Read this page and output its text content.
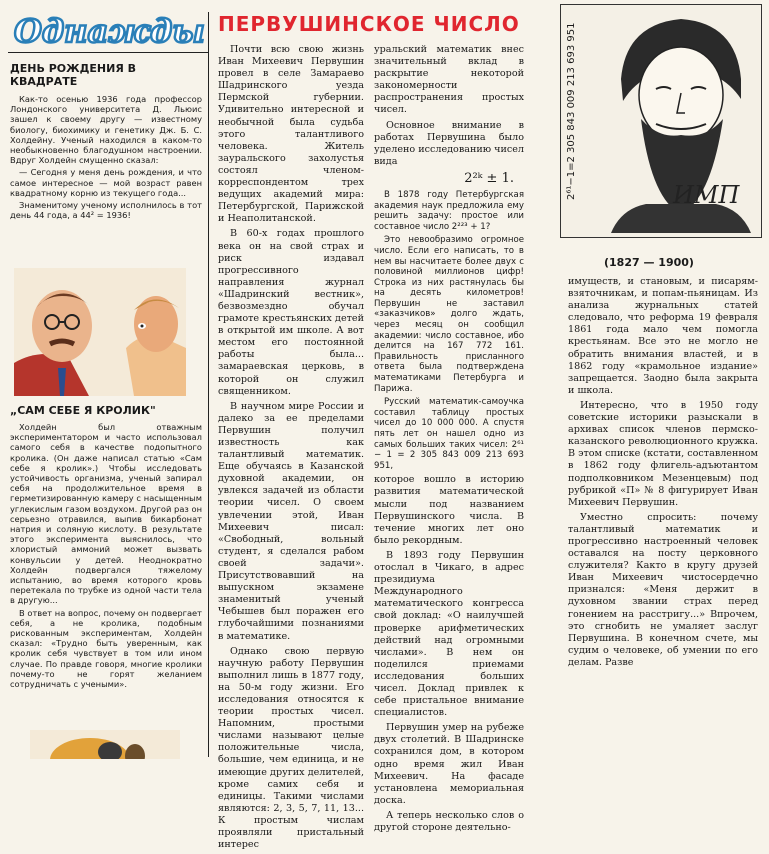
Однажды ПЕРВУШИНСКОЕ ЧИСЛО
ДЕНЬ РОЖДЕНИЯ В КВАДРАТЕ

Как-то осенью 1936 года профессор Лондонского университета Д. Льюис зашел к своему другу — известному биологу, биохимику и генетику Дж. Б. С. Холдейну. Ученый находился в каком-то необыкновенно благодушном настроении. Вдруг Холдейн смущенно сказал:

— Сегодня у меня день рождения, и что самое интересное — мой возраст равен квадратному корню из текущего года...

Знаменитому ученому исполнилось в тот день 44 года, а 44² = 1936!

„САМ СЕБЕ Я КРОЛИК"

Холдейн был отважным экспериментатором и часто использовал самого себя в качестве подопытного кролика. (Он даже написал статью «Сам себе я кролик».) Чтобы исследовать устойчивость организма, ученый запирал себя на продолжительное время в герметизированную камеру с насыщенным углекислым газом воздухом. Другой раз он серьезно отравился, выпив бикарбонат натрия и соляную кислоту. В результате этого эксперимента выяснилось, что хлористый аммоний может вызвать конвульсии у детей. Неоднократно Холдейн подвергался тяжелому испытанию, во время которого кровь перетекала по трубке из одной части тела в другую...

В ответ на вопрос, почему он подвергает себя, а не кролика, подобным рискованным экспериментам, Холдейн сказал: «Трудно быть уверенным, как кролик себя чувствует в том или ином случае. По правде говоря, многие кролики почему-то не горят желанием сотрудничать с учеными».

Почти всю свою жизнь Иван Михеевич Первушин провел в селе Замараево Шадринского уезда Пермской губернии. Удивительно интересной и необычной была судьба этого талантливого человека. Житель зауральского захолустья состоял членом-корреспондентом трех ведущих академий мира: Петербургской, Парижской и Неаполитанской.

В 60-х годах прошлого века он на свой страх и риск издавал прогрессивного направления журнал «Шадринский вестник», безвозмездно обучал грамоте крестьянских детей в открытой им школе. А вот местом его постоянной работы была... замараевская церковь, в которой он служил священником.

В научном мире России и далеко за ее пределами Первушин получил известность как талантливый математик. Еще обучаясь в Казанской духовной академии, он увлекся задачей из области теории чисел. О своем увлечении этой, Иван Михеевич писал: «Свободный, вольный студент, я сделался рабом своей задачи». Присутствовавший на выпускном экзамене знаменитый ученый Чебышев был поражен его глубочайшими познаниями в математике.

Однако свою первую научную работу Первушин выполнил лишь в 1877 году, на 50-м году жизни. Его исследования относятся к теории простых чисел. Напомним, простыми числами называют целые положительные числа, большие, чем единица, и не имеющие других делителей, кроме самих себя и единицы. Такими числами являются: 2, 3, 5, 7, 11, 13... К простым числам проявляли пристальный интерес

уральский математик внес значительный вклад в раскрытие некоторой закономерности распространения простых чисел.

Основное внимание в работах Первушина было уделено исследованию чисел вида

2²ᵏ ± 1.

В 1878 году Петербургская академия наук предложила ему решить задачу: простое или составное число 2²²³ + 1?

Это невообразимо огромное число. Если его написать, то в нем вы насчитаете более двух с половиной миллионов цифр! Строка из них растянулась бы на десять километров! Первушин не заставил «заказчиков» долго ждать, через месяц он сообщил академии: число составное, ибо делится на 167 772 161. Правильность присланного ответа была подтверждена математиками Петербурга и Парижа.

Русский математик-самоучка составил таблицу простых чисел до 10 000 000. А спустя пять лет он нашел одно из самых больших таких чисел: 2⁶¹ − 1 = 2 305 843 009 213 693 951,

которое вошло в историю развития математической мысли под названием Первушинского числа. В течение многих лет оно было рекордным.

В 1893 году Первушин отослал в Чикаго, в адрес президиума Международного математического конгресса свой доклад: «О наилучшей проверке арифметических действий над огромными числами». В нем он поделился приемами исследования больших чисел. Доклад привлек к себе пристальное внимание специалистов.

Первушин умер на рубеже двух столетий. В Шадринске сохранился дом, в котором одно время жил Иван Михеевич. На фасаде установлена мемориальная доска.

А теперь несколько слов о другой стороне деятельно-

2⁶¹−1=2 305 843 009 213 693 951	ИМП
(1827 — 1900)

имуществ, и становым, и писарям-взяточникам, и попам-пьяницам. Из анализа журнальных статей следовало, что реформа 19 февраля 1861 года мало чем помогла крестьянам. Все это не могло не обратить внимания властей, и в 1862 году «крамольное издание» запрещается. Заодно была закрыта и школа.

Интересно, что в 1950 году советские историки разыскали в архивах список членов пермско-казанского революционного кружка. В этом списке (кстати, составленном в 1862 году флигель-адъютантом подполковником Мезенцевым) под рубрикой «П» № 8 фигурирует Иван Михеевич Первушин.

Уместно спросить: почему талантливый математик и прогрессивно настроенный человек оставался на посту церковного служителя? Както в кругу друзей Иван Михеевич чистосердечно признался: «Меня держит в духовном звании страх перед гонением на расстригу...» Впрочем, это сгнобить не умаляет заслуг Первушина. В конечном счете, мы судим о человеке, об умении по его делам. Разве
